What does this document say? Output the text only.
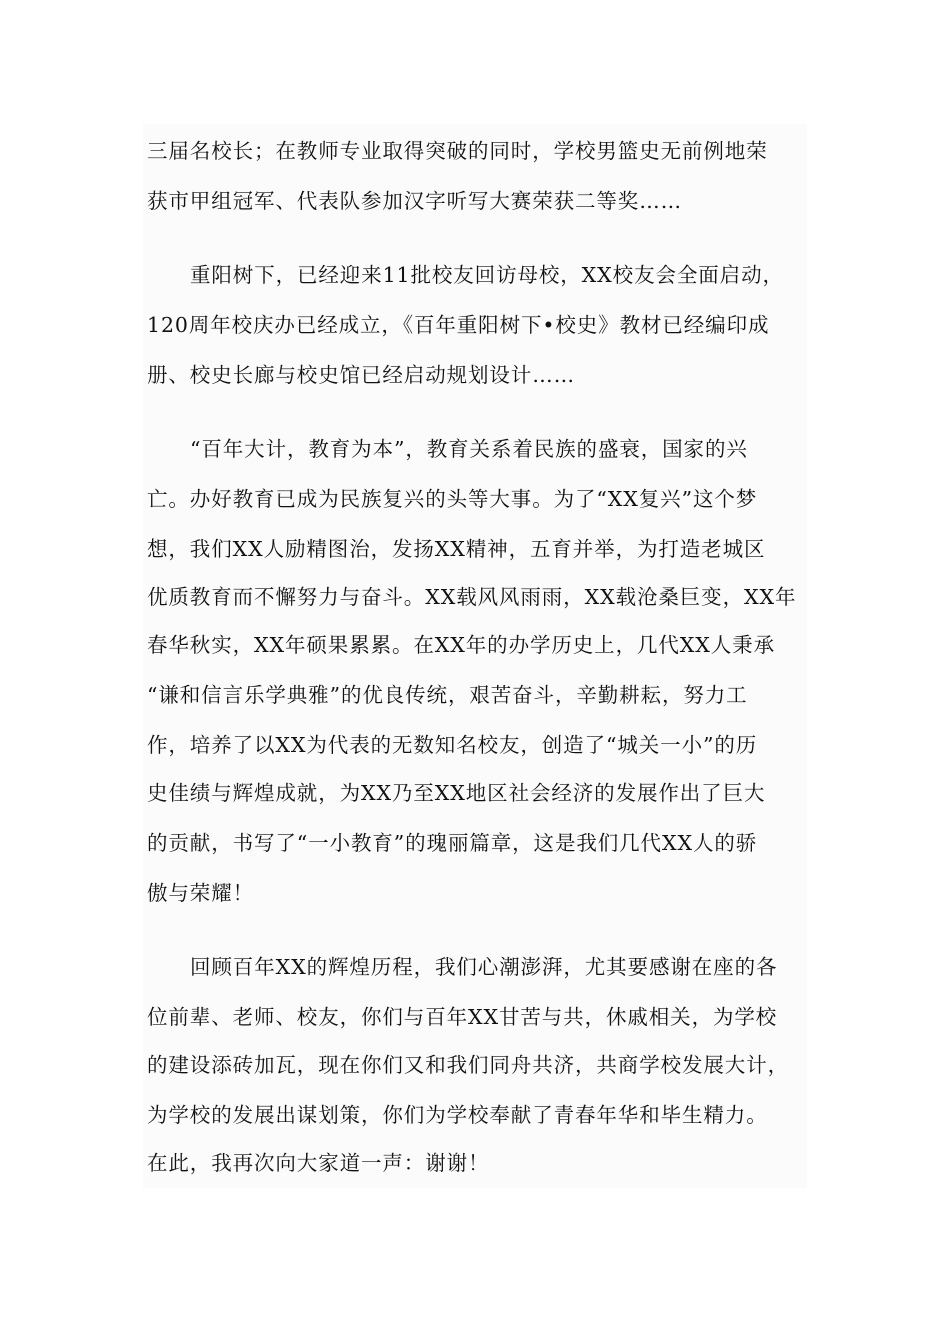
三届名校长；在教师专业取得突破的同时，学校男篮史无前例地荣
获市甲组冠军、代表队参加汉字听写大赛荣获二等奖……
重阳树下，已经迎来11批校友回访母校，XX校友会全面启动，
120周年校庆办已经成立，《百年重阳树下•校史》教材已经编印成
册、校史长廊与校史馆已经启动规划设计……
“百年大计，教育为本”，教育关系着民族的盛衰，国家的兴
亡。办好教育已成为民族复兴的头等大事。为了“XX复兴”这个梦
想，我们XX人励精图治，发扬XX精神，五育并举，为打造老城区
优质教育而不懈努力与奋斗。XX载风风雨雨，XX载沧桑巨变，XX年
春华秋实，XX年硕果累累。在XX年的办学历史上，几代XX人秉承
“谦和信言乐学典雅”的优良传统，艰苦奋斗，辛勤耕耘，努力工
作，培养了以XX为代表的无数知名校友，创造了“城关一小”的历
史佳绩与辉煌成就，为XX乃至XX地区社会经济的发展作出了巨大
的贡献，书写了“一小教育”的瑰丽篇章，这是我们几代XX人的骄
傲与荣耀！
回顾百年XX的辉煌历程，我们心潮澎湃，尤其要感谢在座的各
位前辈、老师、校友，你们与百年XX甘苦与共，休戚相关，为学校
的建设添砖加瓦，现在你们又和我们同舟共济，共商学校发展大计，
为学校的发展出谋划策，你们为学校奉献了青春年华和毕生精力。
在此，我再次向大家道一声：谢谢！
